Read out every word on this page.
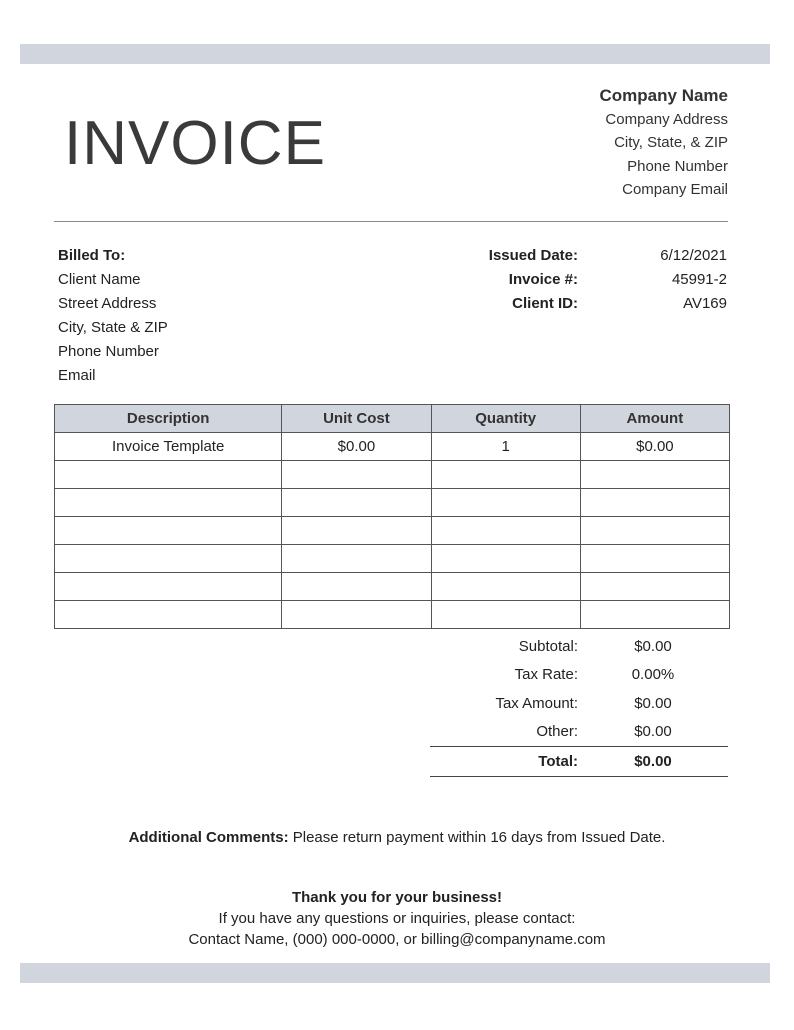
INVOICE
Company Name
Company Address
City, State, & ZIP
Phone Number
Company Email
Billed To:
Client Name
Street Address
City, State & ZIP
Phone Number
Email
Issued Date:	6/12/2021
Invoice #:	45991-2
Client ID:	AV169
Description	Unit Cost	Quantity	Amount
Invoice Template	$0.00	1	$0.00

Subtotal:	$0.00
Tax Rate:	0.00%
Tax Amount:	$0.00
Other:	$0.00
Total:	$0.00
Additional Comments: Please return payment within 16 days from Issued Date.
Thank you for your business!
If you have any questions or inquiries, please contact:
Contact Name, (000) 000-0000, or billing@companyname.com
